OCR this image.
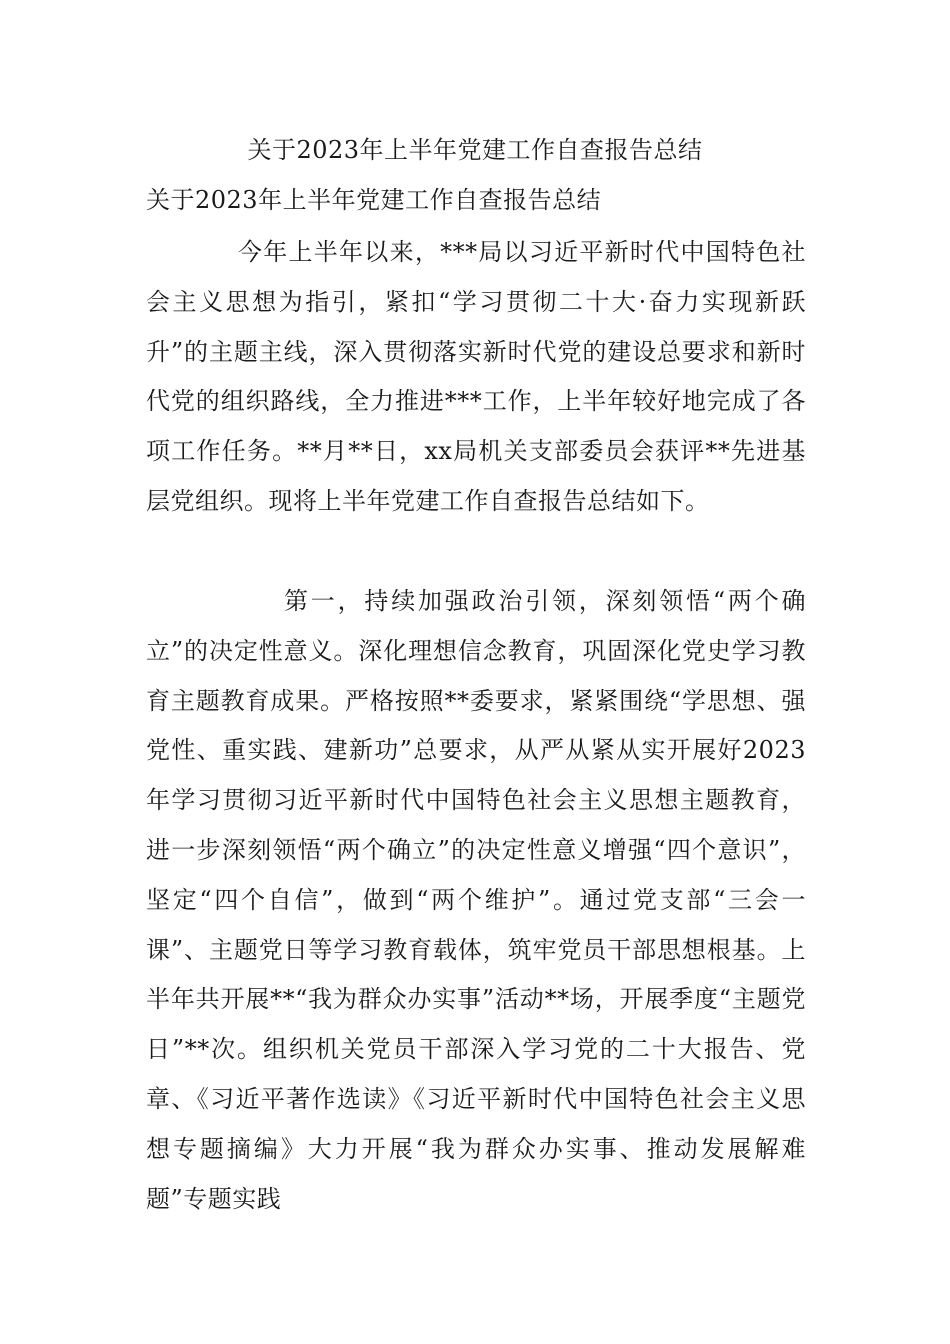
关于2023年上半年党建工作自查报告总结
关于2023年上半年党建工作自查报告总结

今年上半年以来，***局以习近平新时代中国特色社会主义思想为指引，紧扣“学习贯彻二十大·奋力实现新跃升”的主题主线，深入贯彻落实新时代党的建设总要求和新时代党的组织路线，全力推进***工作，上半年较好地完成了各项工作任务。**月**日，xx局机关支部委员会获评**先进基层党组织。现将上半年党建工作自查报告总结如下。

第一，持续加强政治引领，深刻领悟“两个确立”的决定性意义。深化理想信念教育，巩固深化党史学习教育主题教育成果。严格按照**委要求，紧紧围绕“学思想、强党性、重实践、建新功”总要求，从严从紧从实开展好2023年学习贯彻习近平新时代中国特色社会主义思想主题教育，进一步深刻领悟“两个确立”的决定性意义增强“四个意识”，坚定“四个自信”，做到“两个维护”。通过党支部“三会一课”、主题党日等学习教育载体，筑牢党员干部思想根基。上半年共开展**“我为群众办实事”活动**场，开展季度“主题党日”**次。组织机关党员干部深入学习党的二十大报告、党章、《习近平著作选读》《习近平新时代中国特色社会主义思想专题摘编》大力开展“我为群众办实事、推动发展解难题”专题实践
